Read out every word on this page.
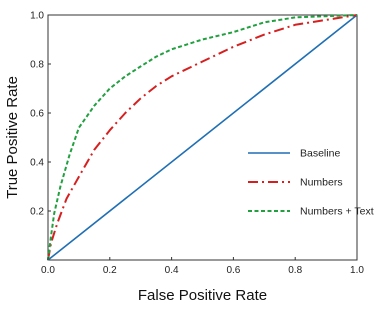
0.0	0.2	0.4	0.6	0.8	1.0
0.2
0.4
0.6
0.8
1.0
False Positive Rate
True Positive Rate	Baseline
Numbers
Numbers + Text
